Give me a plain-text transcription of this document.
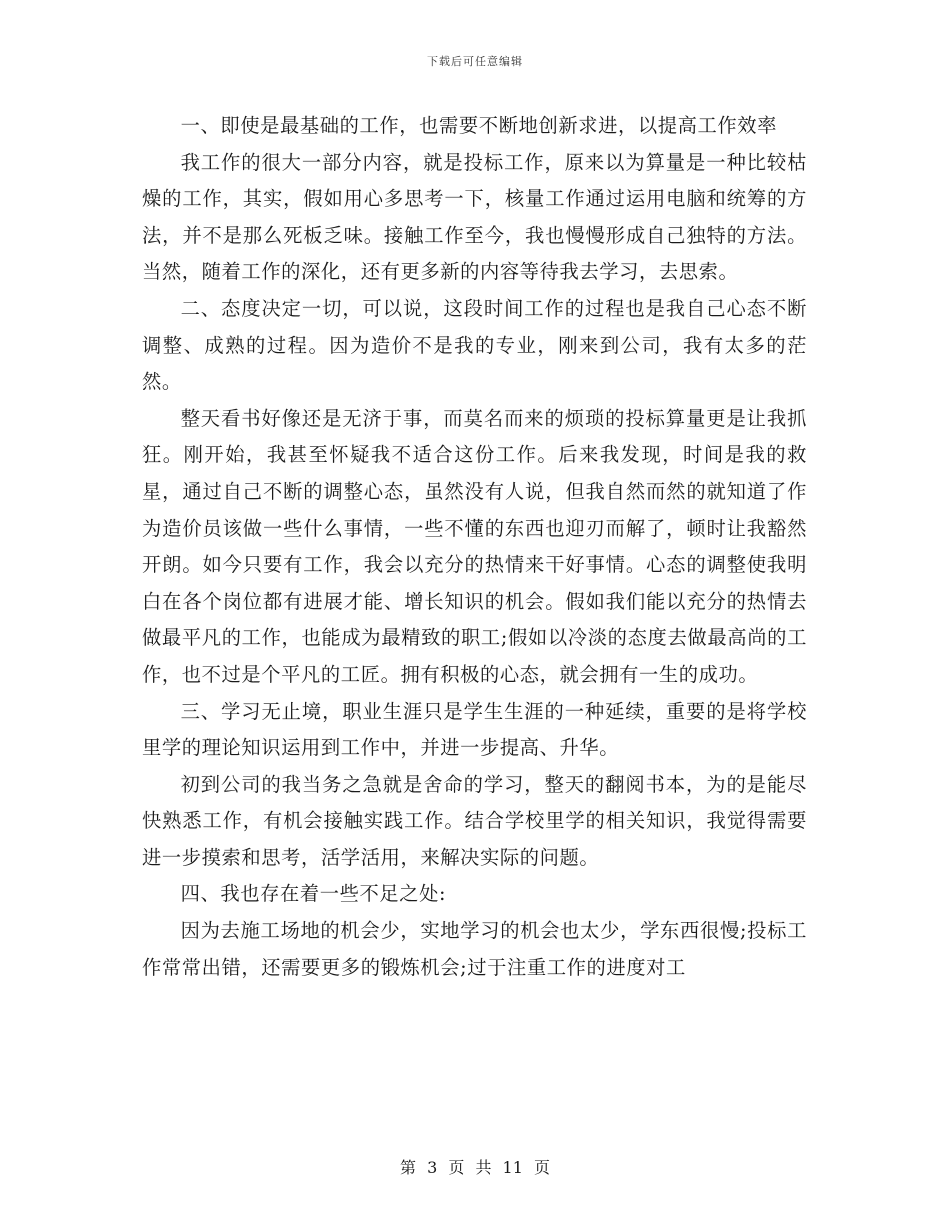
下载后可任意编辑

一、即使是最基础的工作，也需要不断地创新求进，以提高工作效率

我工作的很大一部分内容，就是投标工作，原来以为算量是一种比较枯燥的工作，其实，假如用心多思考一下，核量工作通过运用电脑和统筹的方法，并不是那么死板乏味。接触工作至今，我也慢慢形成自己独特的方法。当然，随着工作的深化，还有更多新的内容等待我去学习，去思索。

二、态度决定一切，可以说，这段时间工作的过程也是我自己心态不断调整、成熟的过程。因为造价不是我的专业，刚来到公司，我有太多的茫然。

整天看书好像还是无济于事，而莫名而来的烦琐的投标算量更是让我抓狂。刚开始，我甚至怀疑我不适合这份工作。后来我发现，时间是我的救星，通过自己不断的调整心态，虽然没有人说，但我自然而然的就知道了作为造价员该做一些什么事情，一些不懂的东西也迎刃而解了，顿时让我豁然开朗。如今只要有工作，我会以充分的热情来干好事情。心态的调整使我明白在各个岗位都有进展才能、增长知识的机会。假如我们能以充分的热情去做最平凡的工作，也能成为最精致的职工;假如以冷淡的态度去做最高尚的工作，也不过是个平凡的工匠。拥有积极的心态，就会拥有一生的成功。

三、学习无止境，职业生涯只是学生生涯的一种延续，重要的是将学校里学的理论知识运用到工作中，并进一步提高、升华。

初到公司的我当务之急就是舍命的学习，整天的翻阅书本，为的是能尽快熟悉工作，有机会接触实践工作。结合学校里学的相关知识，我觉得需要进一步摸索和思考，活学活用，来解决实际的问题。

四、我也存在着一些不足之处:

因为去施工场地的机会少，实地学习的机会也太少，学东西很慢;投标工作常常出错，还需要更多的锻炼机会;过于注重工作的进度对工

第 3 页 共 11 页
